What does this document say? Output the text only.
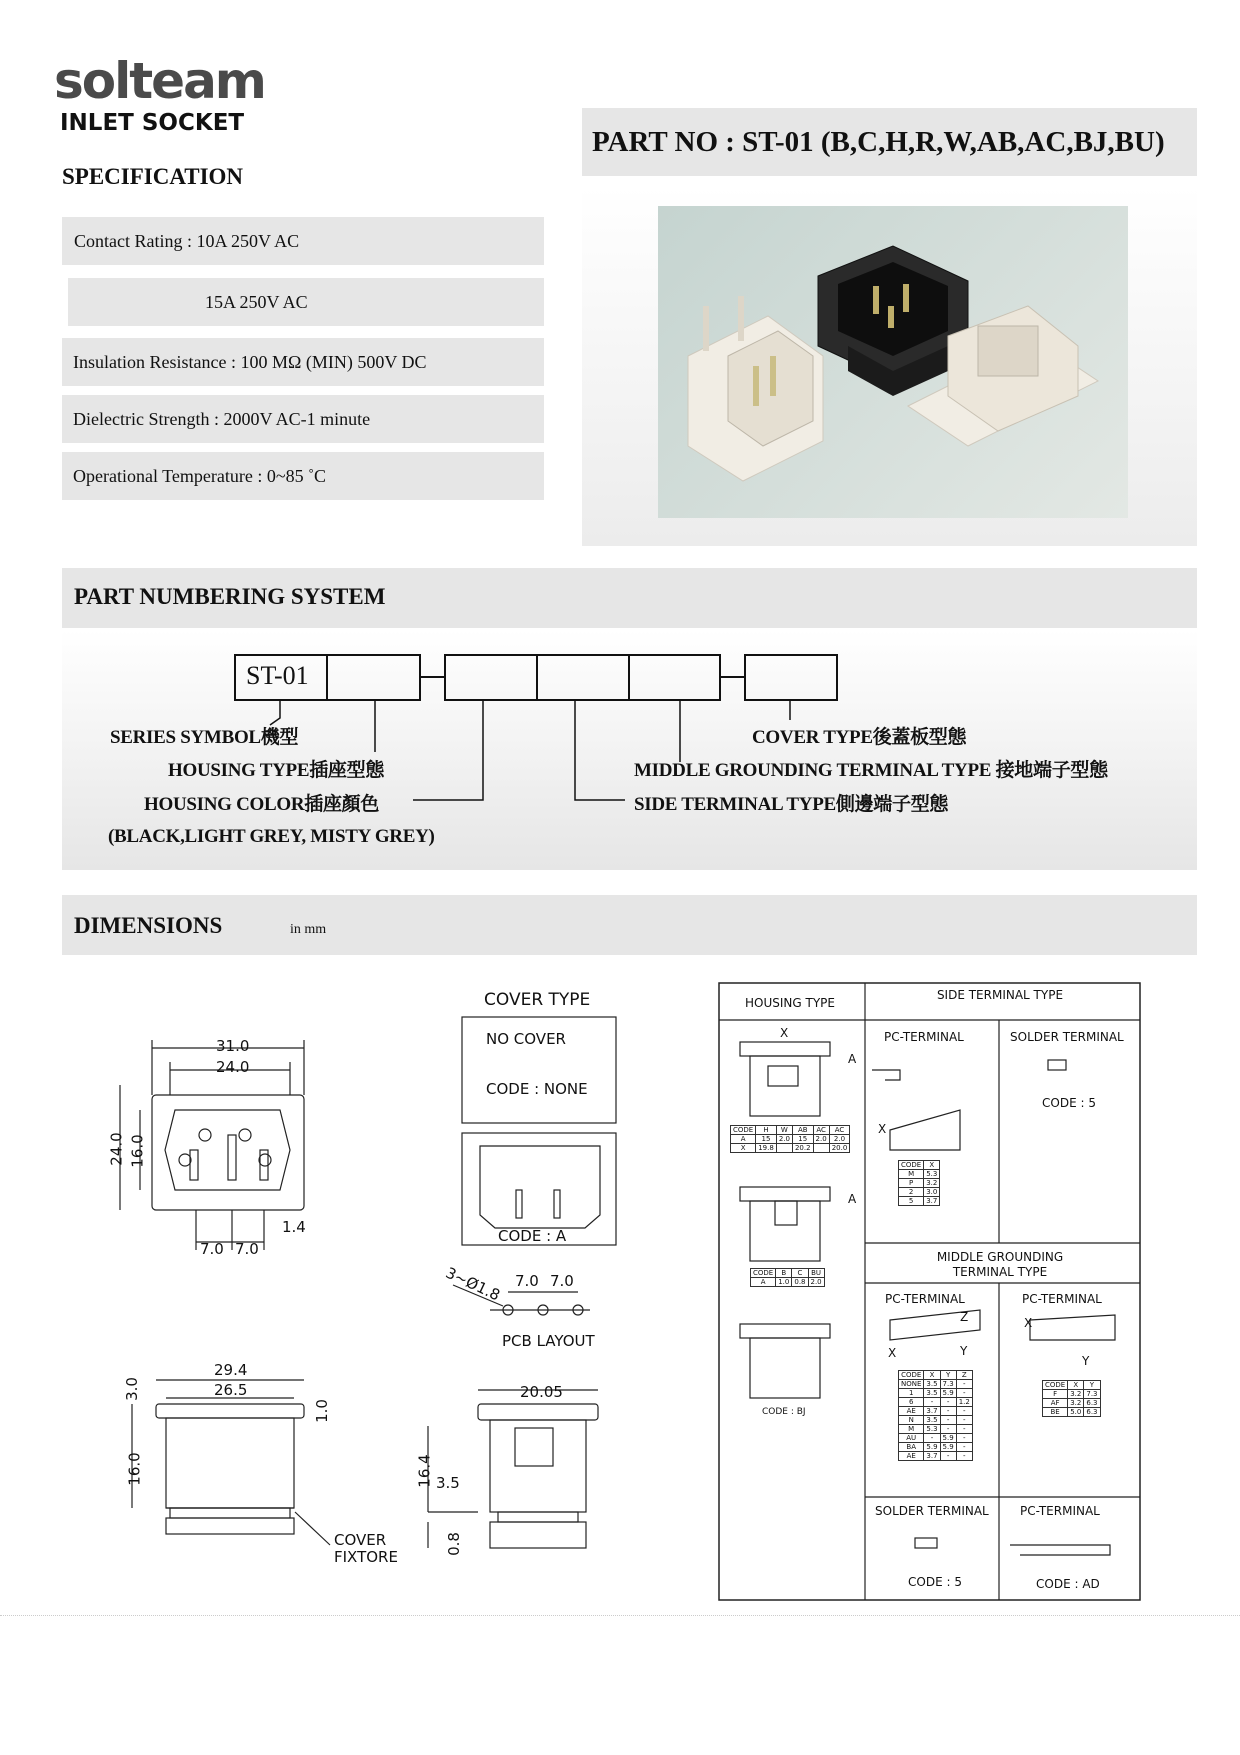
solteam
INLET SOCKET
SPECIFICATION
PART NO : ST-01 (B,C,H,R,W,AB,AC,BJ,BU)
Contact Rating : 10A 250V AC
15A 250V AC
Insulation Resistance : 100 MΩ (MIN) 500V DC
Dielectric Strength : 2000V AC-1 minute
Operational Temperature : 0~85 ˚C
PART NUMBERING SYSTEM
ST-01
SERIES SYMBOL機型
HOUSING TYPE插座型態
HOUSING COLOR插座顏色
(BLACK,LIGHT GREY, MISTY GREY)
COVER TYPE後蓋板型態
MIDDLE GROUNDING TERMINAL TYPE 接地端子型態
SIDE TERMINAL TYPE側邊端子型態
DIMENSIONS	in mm
31.0
24.0
24.0 16.0
1.4
7.0 7.0
29.4
26.5
3.0
16.0
1.0
COVER
FIXTORE
20.05
16.4 3.5
0.8
COVER TYPE
NO COVER
CODE : NONE
CODE : A
3~Ø1.8 7.0 7.0
PCB LAYOUT
HOUSING TYPE
SIDE TERMINAL TYPE
PC-TERMINAL	SOLDER TERMINAL
CODE : 5
CODE : BJ
MIDDLE GROUNDING TERMINAL TYPE
PC-TERMINAL	PC-TERMINAL
SOLDER TERMINAL	PC-TERMINAL
CODE : 5	CODE : AD
X
A
A
X
Z
Y
X
X
Y
CODE	H	W	AB	AC	AC
A	15	2.0	15	2.0	2.0
X	19.8		20.2		20.0
CODE	B	C	BU
A	1.0	0.8	2.0
CODE	X
M	5.3
P	3.2
2	3.0
5	3.7
CODE	X	Y	Z
NONE	3.5	7.3	-
1	3.5	5.9	-
6	-	-	1.2
AE	3.7	-	-
N	3.5	-	-
M	5.3	-	-
AU	-	5.9	-
BA	5.9	5.9	-
AE	3.7	-	-
CODE	X	Y
F	3.2	7.3
AF	3.2	6.3
BE	5.0	6.3
